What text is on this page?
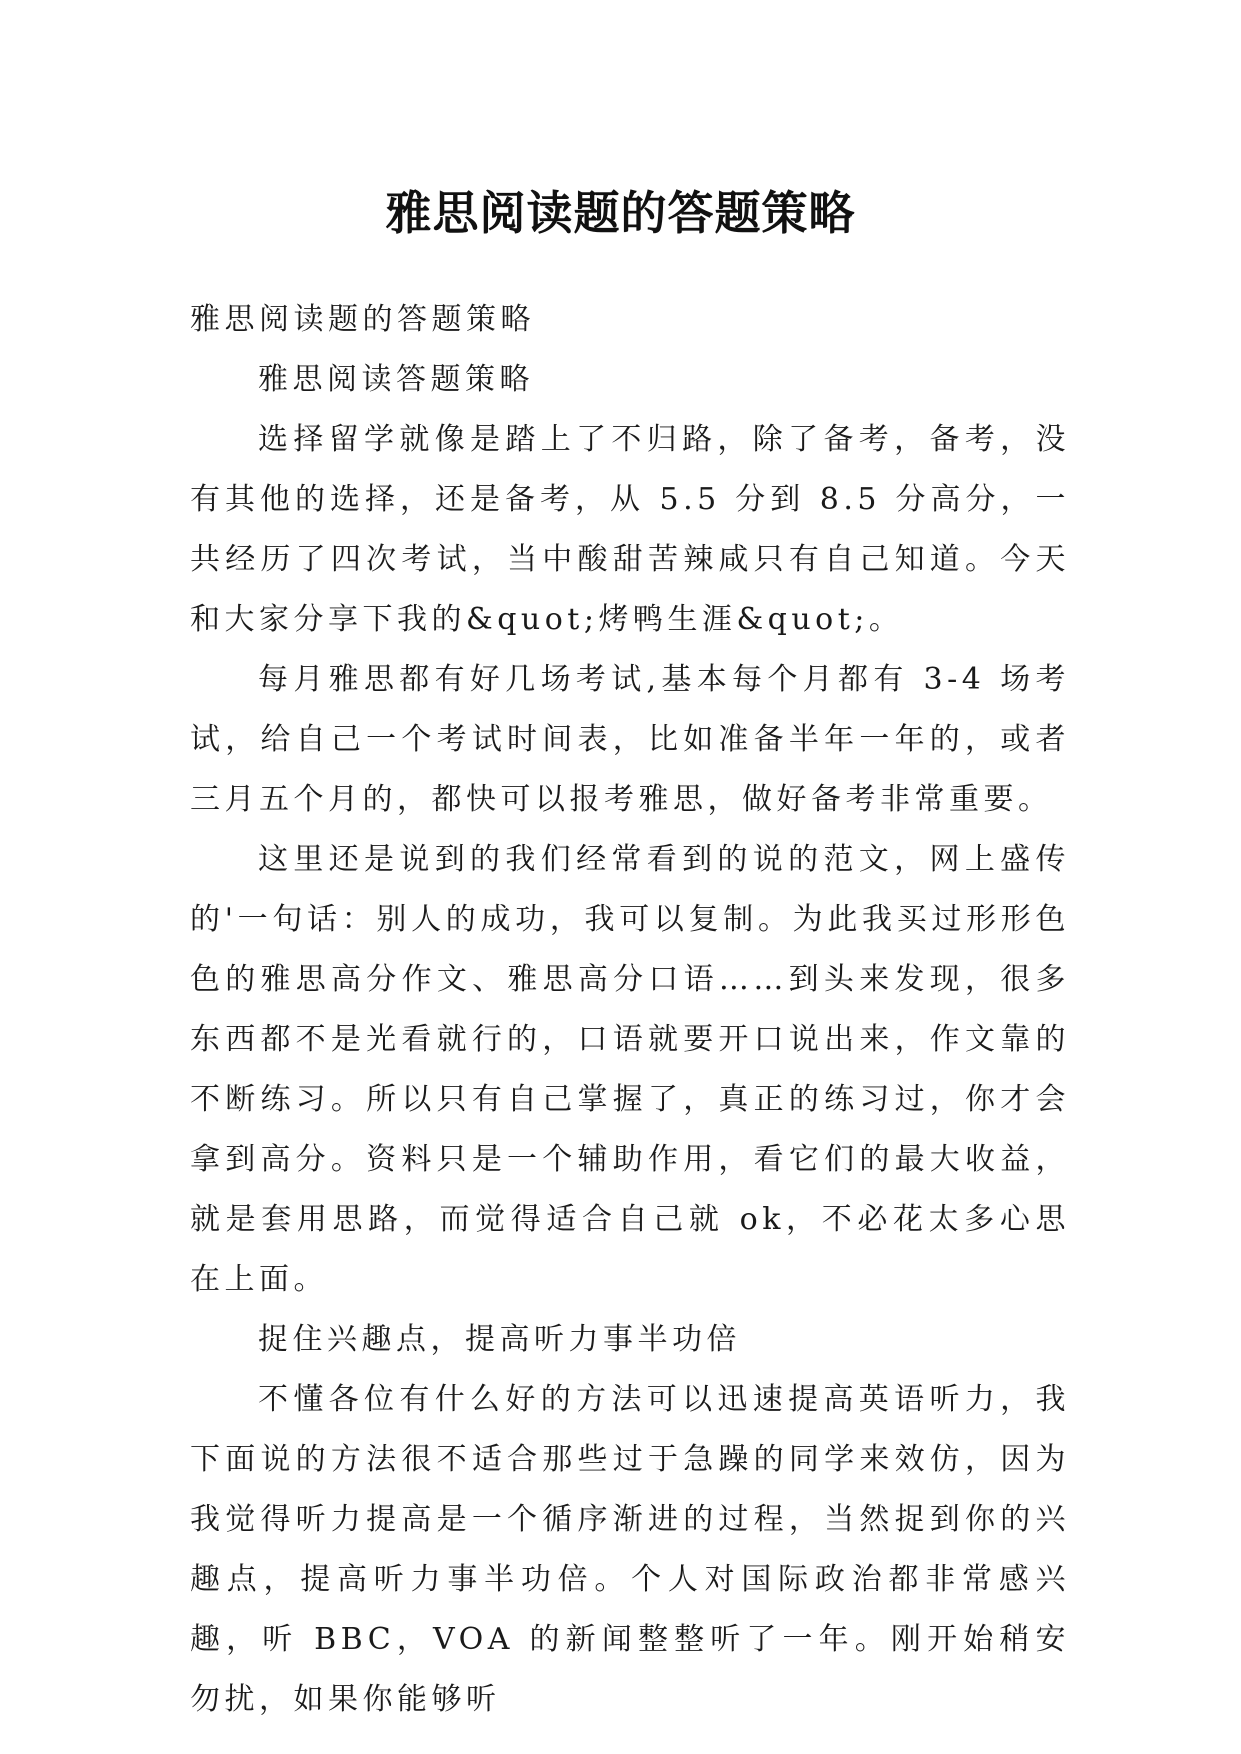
雅思阅读题的答题策略

雅思阅读题的答题策略

雅思阅读答题策略

选择留学就像是踏上了不归路，除了备考，备考，没有其他的选择，还是备考，从 5.5 分到 8.5 分高分，一共经历了四次考试，当中酸甜苦辣咸只有自己知道。今天和大家分享下我的&quot;烤鸭生涯&quot;。

每月雅思都有好几场考试,基本每个月都有 3-4 场考试，给自己一个考试时间表，比如准备半年一年的，或者三月五个月的，都快可以报考雅思，做好备考非常重要。

这里还是说到的我们经常看到的说的范文，网上盛传的'一句话：别人的成功，我可以复制。为此我买过形形色色的雅思高分作文、雅思高分口语……到头来发现，很多东西都不是光看就行的，口语就要开口说出来，作文靠的不断练习。所以只有自己掌握了，真正的练习过，你才会拿到高分。资料只是一个辅助作用，看它们的最大收益，就是套用思路，而觉得适合自己就 ok，不必花太多心思在上面。

捉住兴趣点，提高听力事半功倍

不懂各位有什么好的方法可以迅速提高英语听力，我下面说的方法很不适合那些过于急躁的同学来效仿，因为我觉得听力提高是一个循序渐进的过程，当然捉到你的兴趣点，提高听力事半功倍。个人对国际政治都非常感兴趣，听 BBC，VOA 的新闻整整听了一年。刚开始稍安勿扰，如果你能够听
